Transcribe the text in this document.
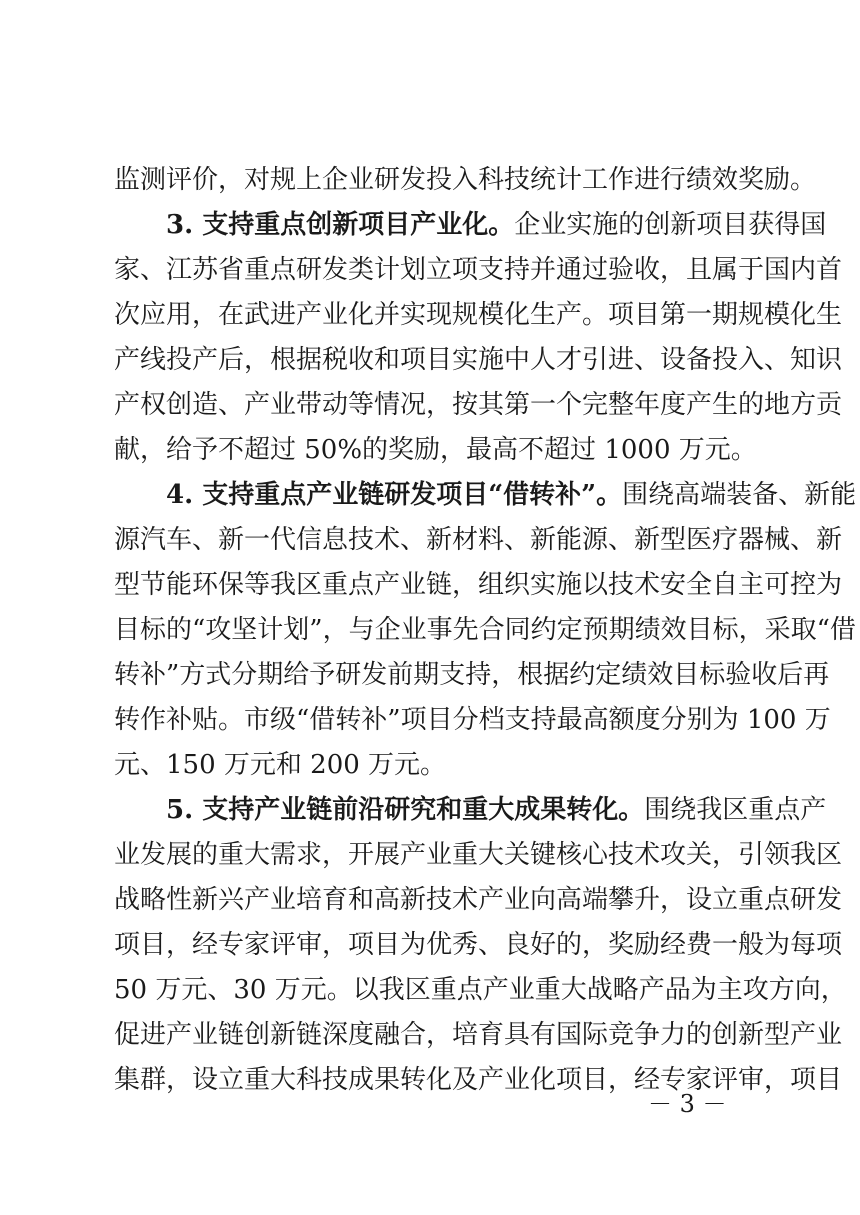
监测评价，对规上企业研发投入科技统计工作进行绩效奖励。
3. 支持重点创新项目产业化。企业实施的创新项目获得国
家、江苏省重点研发类计划立项支持并通过验收，且属于国内首
次应用，在武进产业化并实现规模化生产。项目第一期规模化生
产线投产后，根据税收和项目实施中人才引进、设备投入、知识
产权创造、产业带动等情况，按其第一个完整年度产生的地方贡
献，给予不超过 50%的奖励，最高不超过 1000 万元。
4. 支持重点产业链研发项目“借转补”。围绕高端装备、新能
源汽车、新一代信息技术、新材料、新能源、新型医疗器械、新
型节能环保等我区重点产业链，组织实施以技术安全自主可控为
目标的“攻坚计划”，与企业事先合同约定预期绩效目标，采取“借
转补”方式分期给予研发前期支持，根据约定绩效目标验收后再
转作补贴。市级“借转补”项目分档支持最高额度分别为 100 万
元、150 万元和 200 万元。
5. 支持产业链前沿研究和重大成果转化。围绕我区重点产
业发展的重大需求，开展产业重大关键核心技术攻关，引领我区
战略性新兴产业培育和高新技术产业向高端攀升，设立重点研发
项目，经专家评审，项目为优秀、良好的，奖励经费一般为每项
50 万元、30 万元。以我区重点产业重大战略产品为主攻方向，
促进产业链创新链深度融合，培育具有国际竞争力的创新型产业
集群，设立重大科技成果转化及产业化项目，经专家评审，项目
－ 3 －
